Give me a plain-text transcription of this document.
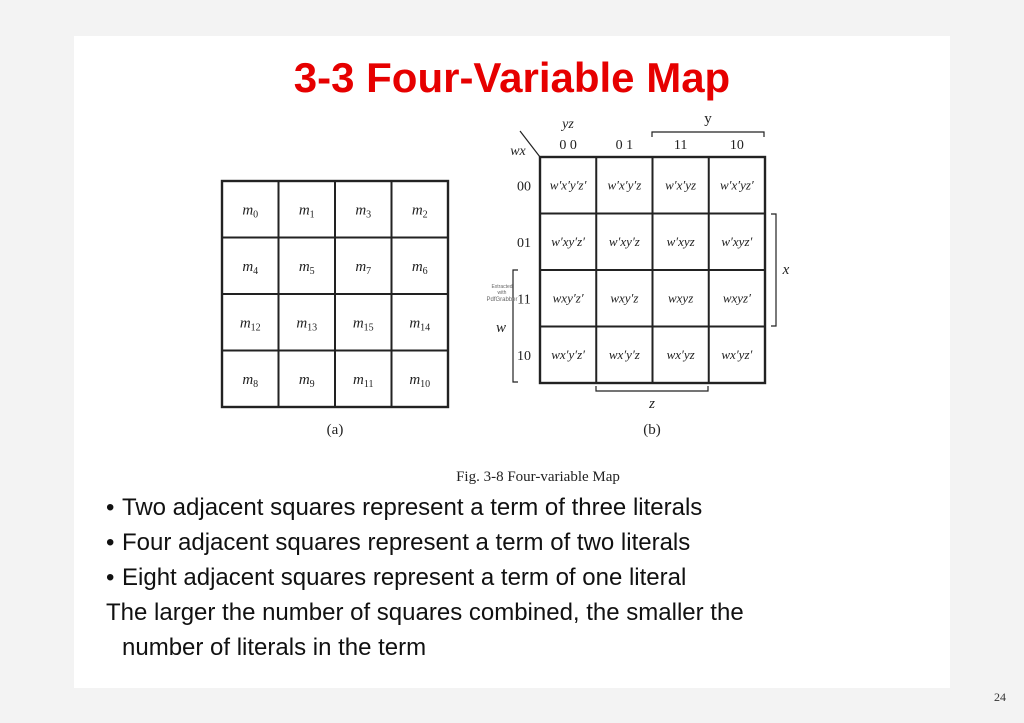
3-3 Four-Variable Map
$m_0$	$m_1$	$m_3$	$m_2$
$m_4$	$m_5$	$m_7$	$m_6$
$m_{12}$ $m_{13}$ $m_{15}$ $m_{14}$
$m_8$	$m_9$	$m_{11}$ $m_{10}$
(a)
w′x′y′z′ w′x′y′z w′x′yz w′x′yz′
w′xy′z′ w′xy′z w′xyz w′xyz′
wxy′z′ wxy′z wxyz wxyz′
wx′y′z′ wx′y′z wx′yz wx′yz′
0 0	0 1	11	10
00
01
11
10
yz
wx
y
x
w
z
(b)
Extracted
with
PdfGrabber
Fig. 3-8 Four-variable Map
• Two adjacent squares represent a term of three literals
• Four adjacent squares represent a term of two literals
• Eight adjacent squares represent a term of one literal
The larger the number of squares combined, the smaller the
number of literals in the term
24
